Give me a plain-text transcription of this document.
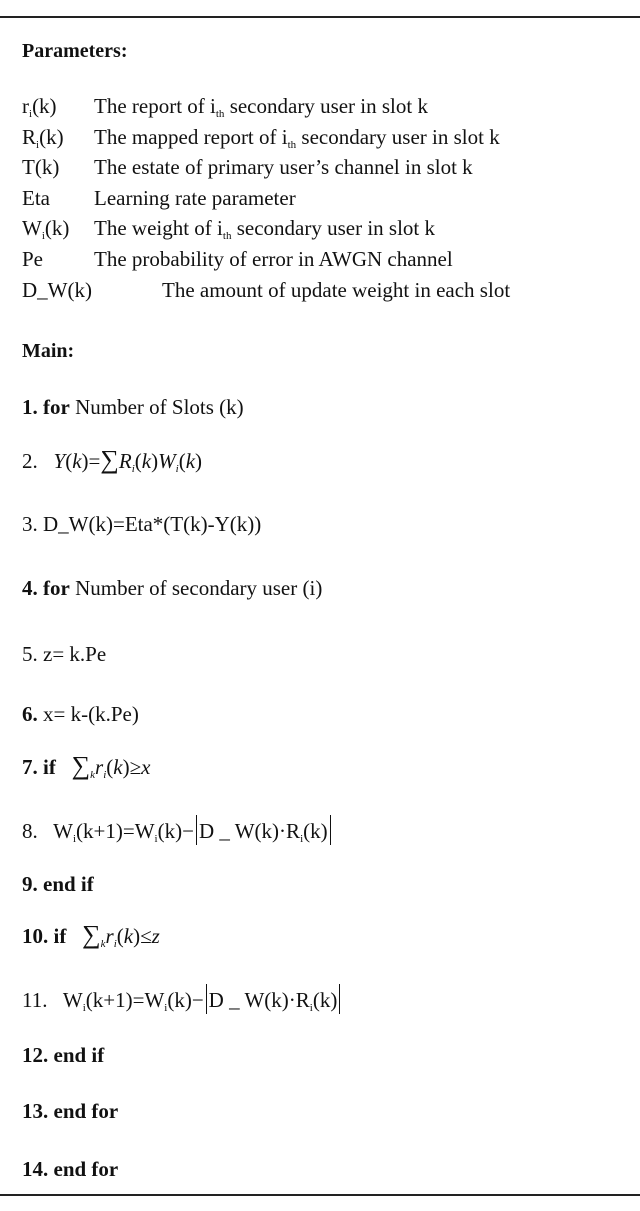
Parameters:
$r_i(k)$ The report of $i_{th}$ secondary user in slot k
$R_i(k)$ The mapped report of $i_{th}$ secondary user in slot k
T(k) The estate of primary user’s channel in slot k
Eta Learning rate parameter
$W_i(k)$ The weight of $i_{th}$ secondary user in slot k
Pe The probability of error in AWGN channel
D_W(k)	The amount of update weight in each slot
Main:
1. for Number of Slots (k)
2. $Y(k)=\sum R_i(k)W_i(k)$
3. D_W(k)=Eta*(T(k)-Y(k))
4. for Number of secondary user (i)
5. z= k.Pe
6. x= k-(k.Pe)
7. if $\sum_kr_i(k)\ge x$
8. $W_i(k+1)=W_i(k)- D$ _ $W(k)\cdot R_i(k)$
9. end if
10. if $\sum_kr_i(k)\le z$
11. $W_i(k+1)=W_i(k)- D$ _ $W(k)\cdot R_i(k)$
12. end if
13. end for
14. end for
